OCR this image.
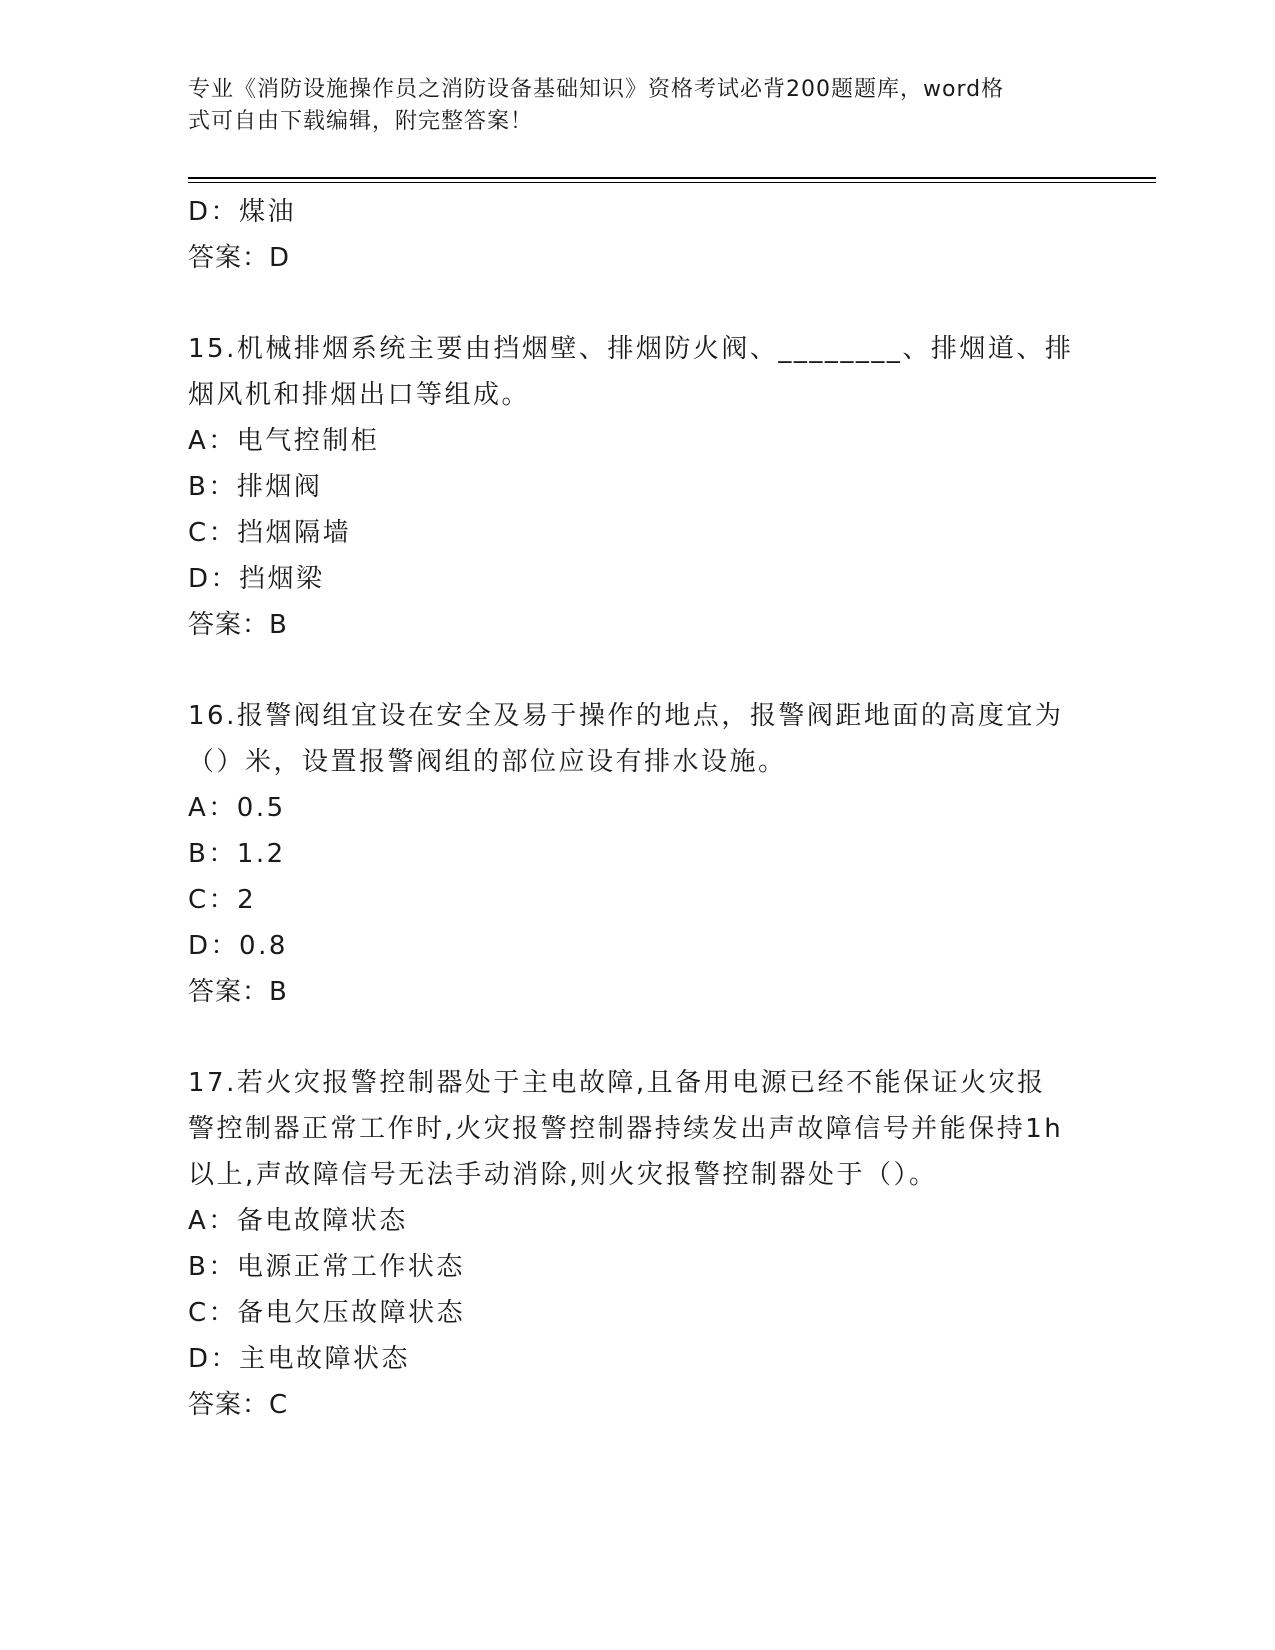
专业《消防设施操作员之消防设备基础知识》资格考试必背200题题库，word格
式可自由下载编辑，附完整答案！
D：煤油
答案：D
15.机械排烟系统主要由挡烟壁、排烟防火阀、________、排烟道、排
烟风机和排烟出口等组成。
A：电气控制柜
B：排烟阀
C：挡烟隔墙
D：挡烟梁
答案：B
16.报警阀组宜设在安全及易于操作的地点，报警阀距地面的高度宜为
（）米，设置报警阀组的部位应设有排水设施。
A：0.5
B：1.2
C：2
D：0.8
答案：B
17.若火灾报警控制器处于主电故障,且备用电源已经不能保证火灾报
警控制器正常工作时,火灾报警控制器持续发出声故障信号并能保持1h
以上,声故障信号无法手动消除,则火灾报警控制器处于（）。
A：备电故障状态
B：电源正常工作状态
C：备电欠压故障状态
D：主电故障状态
答案：C
